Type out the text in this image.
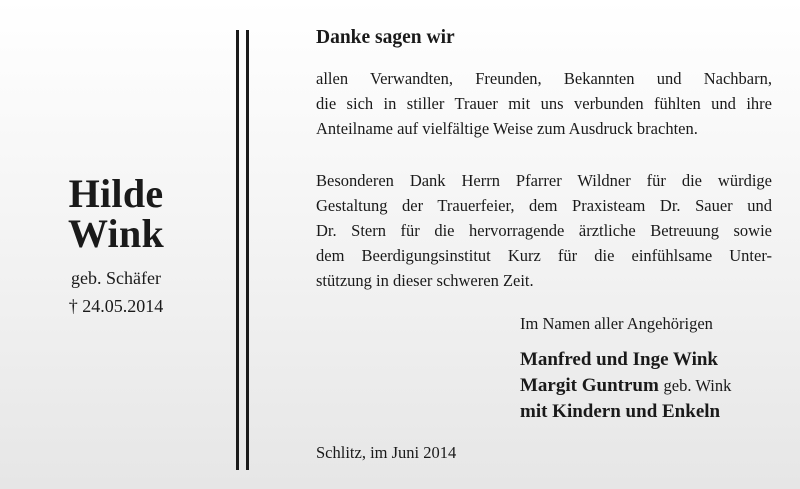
Hilde
Wink
geb. Schäfer
† 24.05.2014
Danke sagen wir
allen Verwandten, Freunden, Bekannten und Nachbarn,
die sich in stiller Trauer mit uns verbunden fühlten und ihre
Anteilname auf vielfältige Weise zum Ausdruck brachten.
Besonderen Dank Herrn Pfarrer Wildner für die würdige
Gestaltung der Trauerfeier, dem Praxisteam Dr. Sauer und
Dr. Stern für die hervorragende ärztliche Betreuung sowie
dem Beerdigungsinstitut Kurz für die einfühlsame Unter-
stützung in dieser schweren Zeit.
Im Namen aller Angehörigen
Manfred und Inge Wink
Margit Guntrum geb. Wink
mit Kindern und Enkeln
Schlitz, im Juni 2014
